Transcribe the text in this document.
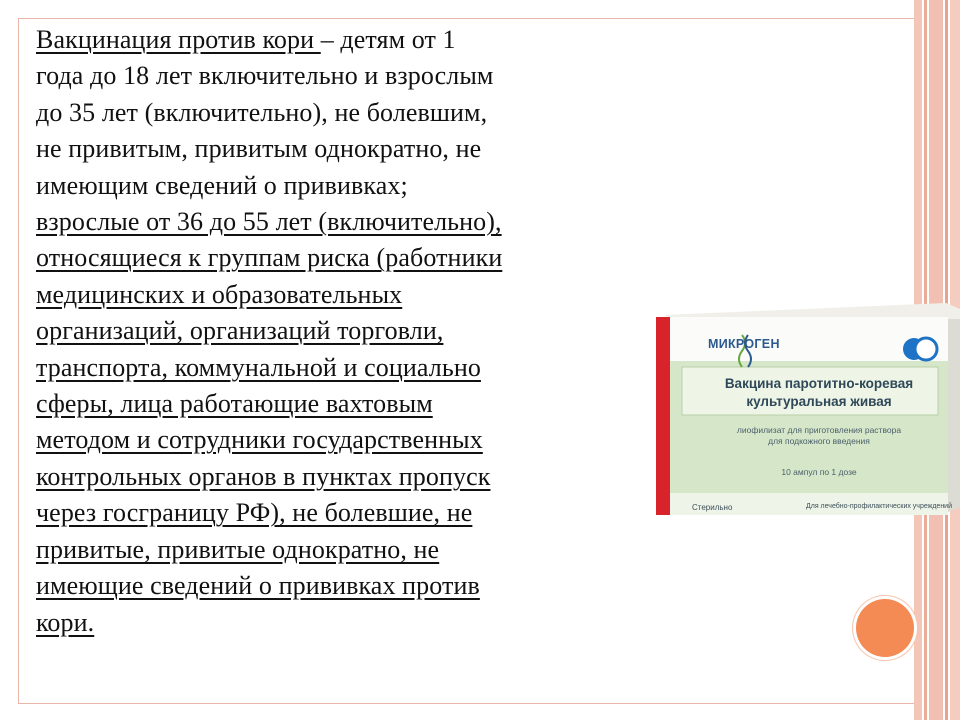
Вакцинация против кори – детям от 1
года до 18 лет включительно и взрослым
до 35 лет (включительно), не болевшим,
не привитым, привитым однократно, не
имеющим сведений о прививках;
взрослые от 36 до 55 лет (включительно),
относящиеся к группам риска (работники
медицинских и образовательных
организаций, организаций торговли,
транспорта, коммунальной и социально
сферы, лица работающие вахтовым
методом и сотрудники государственных
контрольных органов в пунктах пропуск
через госграницу РФ), не болевшие, не
привитые, привитые однократно, не
имеющие сведений о прививках против
кори.
МИКРОГЕН
Вакцина паротитно-коревая
культуральная живая
лиофилизат для приготовления раствора
для подкожного введения
10 ампул по 1 дозе
Стерильно	Для лечебно-профилактических учреждений
